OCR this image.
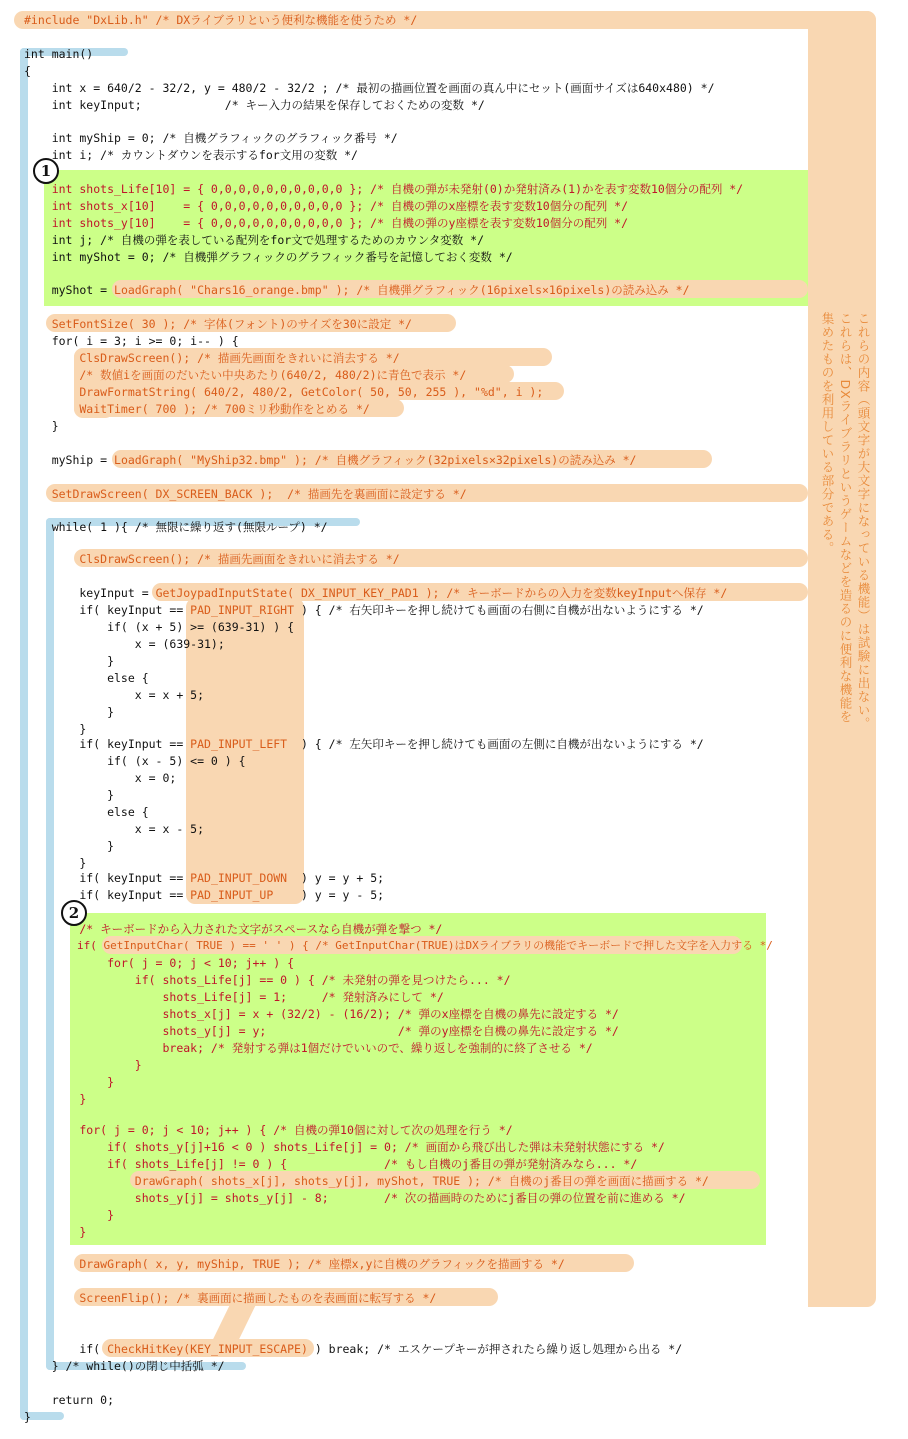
これらの内容（頭文字が大文字になっている機能）は試験に出ない。
これらは、DXライブラリというゲームなどを造るのに便利な機能を
集めたものを利用している部分である。
1
2
#include "DxLib.h" /* DXライブラリという便利な機能を使うため */
int main()
{
int x = 640/2 - 32/2, y = 480/2 - 32/2 ; /* 最初の描画位置を画面の真ん中にセット(画面サイズは640x480) */
int keyInput;            /* キー入力の結果を保存しておくための変数 */
int myShip = 0; /* 自機グラフィックのグラフィック番号 */
int i; /* カウントダウンを表示するfor文用の変数 */
int shots_Life[10] = { 0,0,0,0,0,0,0,0,0,0 }; /* 自機の弾が未発射(0)か発射済み(1)かを表す変数10個分の配列 */
int shots_x[10]    = { 0,0,0,0,0,0,0,0,0,0 }; /* 自機の弾のx座標を表す変数10個分の配列 */
int shots_y[10]    = { 0,0,0,0,0,0,0,0,0,0 }; /* 自機の弾のy座標を表す変数10個分の配列 */
int j; /* 自機の弾を表している配列をfor文で処理するためのカウンタ変数 */
int myShot = 0; /* 自機弾グラフィックのグラフィック番号を記憶しておく変数 */
myShot = LoadGraph( "Chars16_orange.bmp" ); /* 自機弾グラフィック(16pixels×16pixels)の読み込み */
SetFontSize( 30 ); /* 字体(フォント)のサイズを30に設定 */
for( i = 3; i >= 0; i-- ) {
ClsDrawScreen(); /* 描画先画面をきれいに消去する */
/* 数値iを画面のだいたい中央あたり(640/2, 480/2)に青色で表示 */
DrawFormatString( 640/2, 480/2, GetColor( 50, 50, 255 ), "%d", i );
WaitTimer( 700 ); /* 700ミリ秒動作をとめる */
}
myShip = LoadGraph( "MyShip32.bmp" ); /* 自機グラフィック(32pixels×32pixels)の読み込み */
SetDrawScreen( DX_SCREEN_BACK );  /* 描画先を裏画面に設定する */
while( 1 ){ /* 無限に繰り返す(無限ループ) */
ClsDrawScreen(); /* 描画先画面をきれいに消去する */
keyInput = GetJoypadInputState( DX_INPUT_KEY_PAD1 ); /* キーボードからの入力を変数keyInputへ保存 */
if( keyInput == PAD_INPUT_RIGHT ) { /* 右矢印キーを押し続けても画面の右側に自機が出ないようにする */
if( (x + 5) >= (639-31) ) {
x = (639-31);
}
else {
x = x + 5;
}
}
if( keyInput == PAD_INPUT_LEFT  ) { /* 左矢印キーを押し続けても画面の左側に自機が出ないようにする */
if( (x - 5) <= 0 ) {
x = 0;
}
else {
x = x - 5;
}
}
if( keyInput == PAD_INPUT_DOWN  ) y = y + 5;
if( keyInput == PAD_INPUT_UP    ) y = y - 5;
/* キーボードから入力された文字がスペースなら自機が弾を撃つ */
if( GetInputChar( TRUE ) == ' ' ) { /* GetInputChar(TRUE)はDXライブラリの機能でキーボードで押した文字を入力する */
for( j = 0; j < 10; j++ ) {
if( shots_Life[j] == 0 ) { /* 未発射の弾を見つけたら... */
shots_Life[j] = 1;     /* 発射済みにして */
shots_x[j] = x + (32/2) - (16/2); /* 弾のx座標を自機の鼻先に設定する */
shots_y[j] = y;                   /* 弾のy座標を自機の鼻先に設定する */
break; /* 発射する弾は1個だけでいいので、繰り返しを強制的に終了させる */
}
}
}
for( j = 0; j < 10; j++ ) { /* 自機の弾10個に対して次の処理を行う */
if( shots_y[j]+16 < 0 ) shots_Life[j] = 0; /* 画面から飛び出した弾は未発射状態にする */
if( shots_Life[j] != 0 ) {              /* もし自機のj番目の弾が発射済みなら... */
DrawGraph( shots_x[j], shots_y[j], myShot, TRUE ); /* 自機のj番目の弾を画面に描画する */
shots_y[j] = shots_y[j] - 8;        /* 次の描画時のためにj番目の弾の位置を前に進める */
}
}
DrawGraph( x, y, myShip, TRUE ); /* 座標x,yに自機のグラフィックを描画する */
ScreenFlip(); /* 裏画面に描画したものを表画面に転写する */
if( CheckHitKey(KEY_INPUT_ESCAPE) ) break; /* エスケープキーが押されたら繰り返し処理から出る */
} /* while()の閉じ中括弧 */
return 0;
}
